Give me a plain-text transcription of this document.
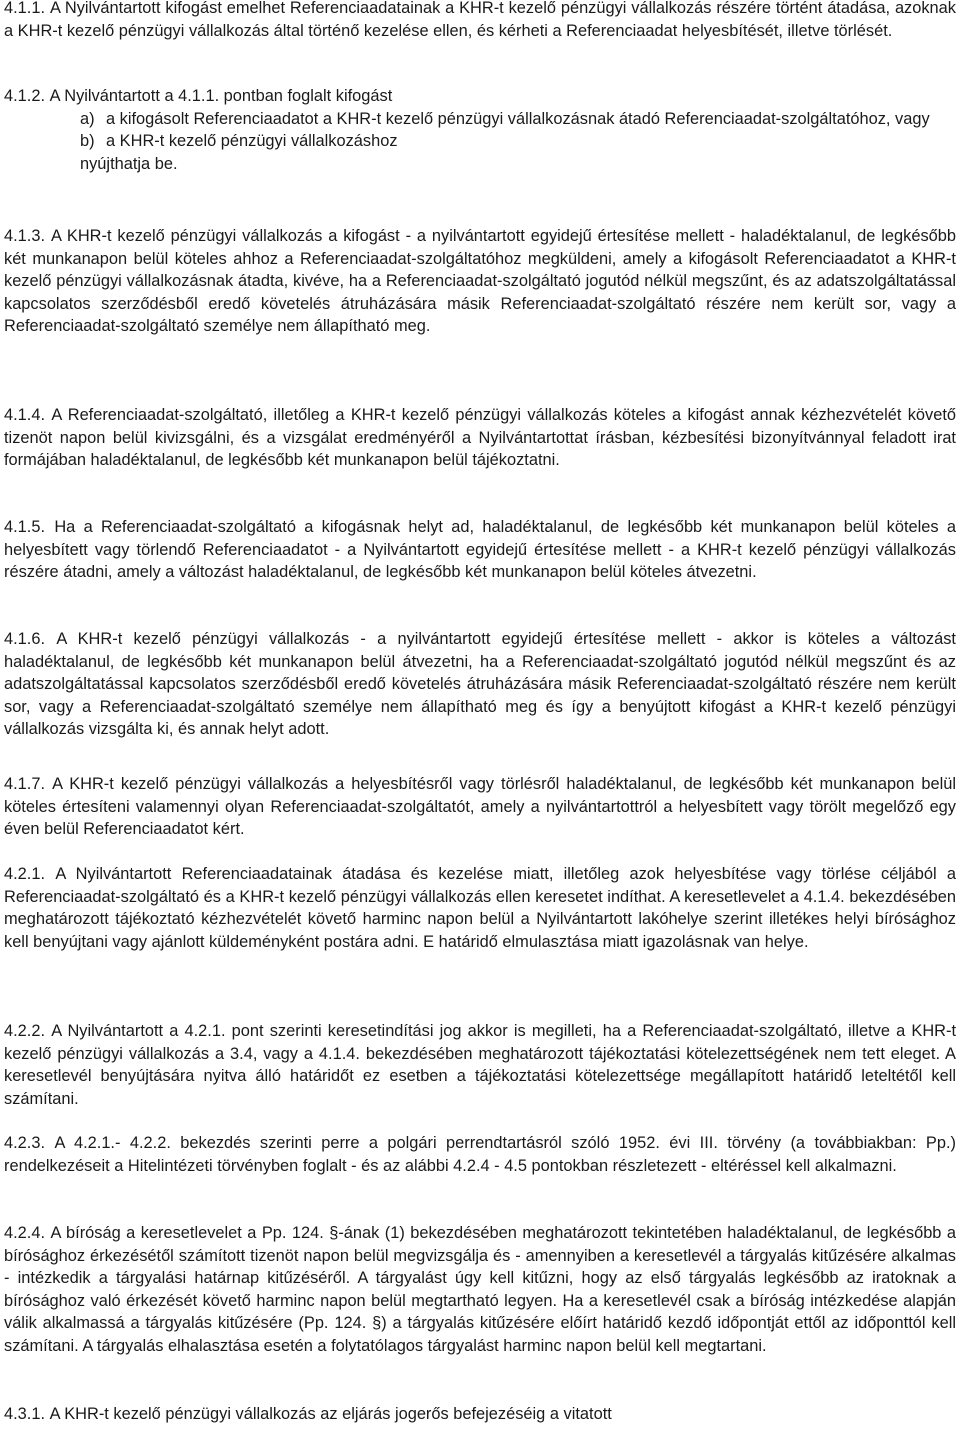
4.1.1. A Nyilvántartott kifogást emelhet Referenciaadatainak a KHR-t kezelő pénzügyi vállalkozás részére történt átadása, azoknak a KHR-t kezelő pénzügyi vállalkozás által történő kezelése ellen, és kérheti a Referenciaadat helyesbítését, illetve törlését.

4.1.2. A Nyilvántartott a 4.1.1. pontban foglalt kifogást

a) a kifogásolt Referenciaadatot a KHR-t kezelő pénzügyi vállalkozásnak átadó Referenciaadat-szolgáltatóhoz, vagy
b) a KHR-t kezelő pénzügyi vállalkozáshoz

nyújthatja be.

4.1.3. A KHR-t kezelő pénzügyi vállalkozás a kifogást - a nyilvántartott egyidejű értesítése mellett - haladéktalanul, de legkésőbb két munkanapon belül köteles ahhoz a Referenciaadat-szolgáltatóhoz megküldeni, amely a kifogásolt Referenciaadatot a KHR-t kezelő pénzügyi vállalkozásnak átadta, kivéve, ha a Referenciaadat-szolgáltató jogutód nélkül megszűnt, és az adatszolgáltatással kapcsolatos szerződésből eredő követelés átruházására másik Referenciaadat-szolgáltató részére nem került sor, vagy a Referenciaadat-szolgáltató személye nem állapítható meg.

4.1.4. A Referenciaadat-szolgáltató, illetőleg a KHR-t kezelő pénzügyi vállalkozás köteles a kifogást annak kézhezvételét követő tizenöt napon belül kivizsgálni, és a vizsgálat eredményéről a Nyilvántartottat írásban, kézbesítési bizonyítvánnyal feladott irat formájában haladéktalanul, de legkésőbb két munkanapon belül tájékoztatni.

4.1.5. Ha a Referenciaadat-szolgáltató a kifogásnak helyt ad, haladéktalanul, de legkésőbb két munkanapon belül köteles a helyesbített vagy törlendő Referenciaadatot - a Nyilvántartott egyidejű értesítése mellett - a KHR-t kezelő pénzügyi vállalkozás részére átadni, amely a változást haladéktalanul, de legkésőbb két munkanapon belül köteles átvezetni.

4.1.6. A KHR-t kezelő pénzügyi vállalkozás - a nyilvántartott egyidejű értesítése mellett - akkor is köteles a változást haladéktalanul, de legkésőbb két munkanapon belül átvezetni, ha a Referenciaadat-szolgáltató jogutód nélkül megszűnt és az adatszolgáltatással kapcsolatos szerződésből eredő követelés átruházására másik Referenciaadat-szolgáltató részére nem került sor, vagy a Referenciaadat-szolgáltató személye nem állapítható meg és így a benyújtott kifogást a KHR-t kezelő pénzügyi vállalkozás vizsgálta ki, és annak helyt adott.

4.1.7. A KHR-t kezelő pénzügyi vállalkozás a helyesbítésről vagy törlésről haladéktalanul, de legkésőbb két munkanapon belül köteles értesíteni valamennyi olyan Referenciaadat-szolgáltatót, amely a nyilvántartottról a helyesbített vagy törölt megelőző egy éven belül Referenciaadatot kért.

4.2.1. A Nyilvántartott Referenciaadatainak átadása és kezelése miatt, illetőleg azok helyesbítése vagy törlése céljából a Referenciaadat-szolgáltató és a KHR-t kezelő pénzügyi vállalkozás ellen keresetet indíthat. A keresetlevelet a 4.1.4. bekezdésében meghatározott tájékoztató kézhezvételét követő harminc napon belül a Nyilvántartott lakóhelye szerint illetékes helyi bírósághoz kell benyújtani vagy ajánlott küldeményként postára adni. E határidő elmulasztása miatt igazolásnak van helye.

4.2.2. A Nyilvántartott a 4.2.1. pont szerinti keresetindítási jog akkor is megilleti, ha a Referenciaadat-szolgáltató, illetve a KHR-t kezelő pénzügyi vállalkozás a 3.4, vagy a 4.1.4. bekezdésében meghatározott tájékoztatási kötelezettségének nem tett eleget. A keresetlevél benyújtására nyitva álló határidőt ez esetben a tájékoztatási kötelezettsége megállapított határidő leteltétől kell számítani.

4.2.3. A 4.2.1.- 4.2.2. bekezdés szerinti perre a polgári perrendtartásról szóló 1952. évi III. törvény (a továbbiakban: Pp.) rendelkezéseit a Hitelintézeti törvényben foglalt - és az alábbi 4.2.4 - 4.5 pontokban részletezett - eltéréssel kell alkalmazni.

4.2.4. A bíróság a keresetlevelet a Pp. 124. §-ának (1) bekezdésében meghatározott tekintetében haladéktalanul, de legkésőbb a bírósághoz érkezésétől számított tizenöt napon belül megvizsgálja és - amennyiben a keresetlevél a tárgyalás kitűzésére alkalmas - intézkedik a tárgyalási határnap kitűzéséről. A tárgyalást úgy kell kitűzni, hogy az első tárgyalás legkésőbb az iratoknak a bírósághoz való érkezését követő harminc napon belül megtartható legyen. Ha a keresetlevél csak a bíróság intézkedése alapján válik alkalmassá a tárgyalás kitűzésére (Pp. 124. §) a tárgyalás kitűzésére előírt határidő kezdő időpontját ettől az időponttól kell számítani. A tárgyalás elhalasztása esetén a folytatólagos tárgyalást harminc napon belül kell megtartani.

4.3.1. A KHR-t kezelő pénzügyi vállalkozás az eljárás jogerős befejezéséig a vitatott
